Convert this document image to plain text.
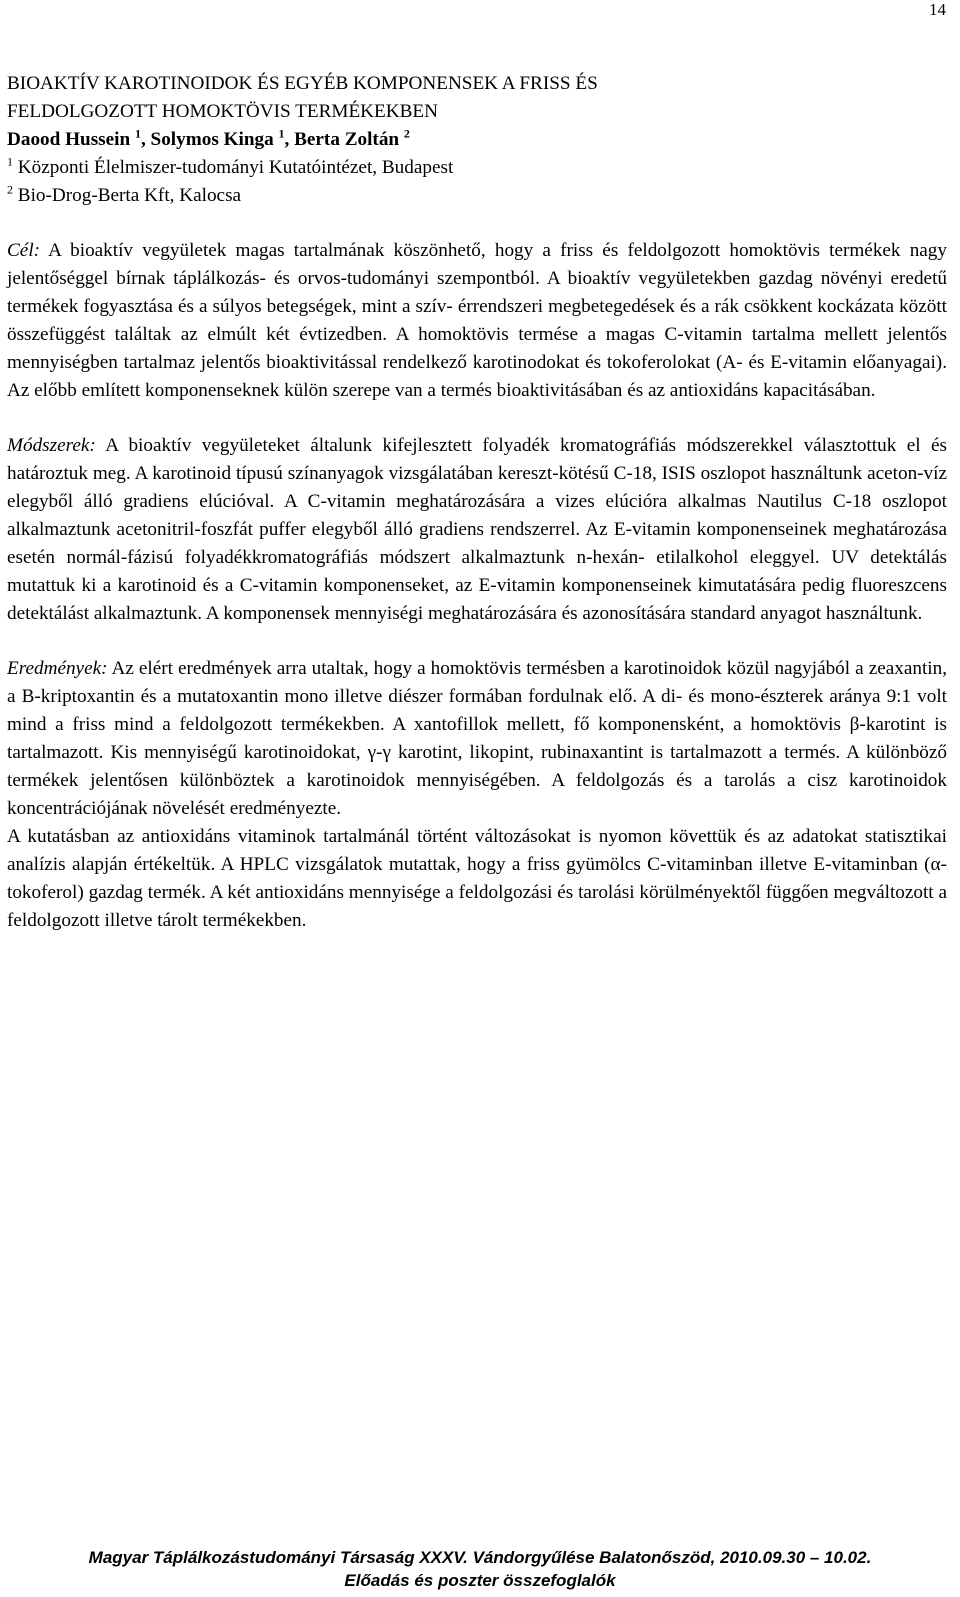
14
BIOAKTÍV KAROTINOIDOK ÉS EGYÉB KOMPONENSEK A FRISS ÉS
FELDOLGOZOTT HOMOKTÖVIS TERMÉKEKBEN
Daood Hussein $^1$, Solymos Kinga $^1$, Berta Zoltán $^2$
$^1$ Központi Élelmiszer-tudományi Kutatóintézet, Budapest
$^2$ Bio-Drog-Berta Kft, Kalocsa

Cél: A bioaktív vegyületek magas tartalmának köszönhető, hogy a friss és feldolgozott homoktövis termékek nagy jelentőséggel bírnak táplálkozás- és orvos-tudományi szempontból. A bioaktív vegyületekben gazdag növényi eredetű termékek fogyasztása és a súlyos betegségek, mint a szív- érrendszeri megbetegedések és a rák csökkent kockázata között összefüggést találtak az elmúlt két évtizedben. A homoktövis termése a magas C-vitamin tartalma mellett jelentős mennyiségben tartalmaz jelentős bioaktivitással rendelkező karotinodokat és tokoferolokat (A- és E-vitamin előanyagai). Az előbb említett komponenseknek külön szerepe van a termés bioaktivitásában és az antioxidáns kapacitásában.

Módszerek: A bioaktív vegyületeket általunk kifejlesztett folyadék kromatográfiás módszerekkel választottuk el és határoztuk meg. A karotinoid típusú színanyagok vizsgálatában kereszt-kötésű C-18, ISIS oszlopot használtunk aceton-víz elegyből álló gradiens elúcióval. A C-vitamin meghatározására a vizes elúcióra alkalmas Nautilus C-18 oszlopot alkalmaztunk acetonitril-foszfát puffer elegyből álló gradiens rendszerrel. Az E-vitamin komponenseinek meghatározása esetén normál-fázisú folyadékkromatográfiás módszert alkalmaztunk n-hexán- etilalkohol eleggyel. UV detektálás mutattuk ki a karotinoid és a C-vitamin komponenseket, az E-vitamin komponenseinek kimutatására pedig fluoreszcens detektálást alkalmaztunk. A komponensek mennyiségi meghatározására és azonosítására standard anyagot használtunk.

Eredmények: Az elért eredmények arra utaltak, hogy a homoktövis termésben a karotinoidok közül nagyjából a zeaxantin, a B-kriptoxantin és a mutatoxantin mono illetve diészer formában fordulnak elő. A di- és mono-észterek aránya 9:1 volt mind a friss mind a feldolgozott termékekben. A xantofillok mellett, fő komponensként, a homoktövis β-karotint is tartalmazott. Kis mennyiségű karotinoidokat, γ-γ karotint, likopint, rubinaxantint is tartalmazott a termés. A különböző termékek jelentősen különböztek a karotinoidok mennyiségében. A feldolgozás és a tarolás a cisz karotinoidok koncentrációjának növelését eredményezte.

A kutatásban az antioxidáns vitaminok tartalmánál történt változásokat is nyomon követtük és az adatokat statisztikai analízis alapján értékeltük. A HPLC vizsgálatok mutattak, hogy a friss gyümölcs C-vitaminban illetve E-vitaminban (α-tokoferol) gazdag termék. A két antioxidáns mennyisége a feldolgozási és tarolási körülményektől függően megváltozott a feldolgozott illetve tárolt termékekben.

Magyar Táplálkozástudományi Társaság XXXV. Vándorgyűlése Balatonőszöd, 2010.09.30 – 10.02.
Előadás és poszter összefoglalók
